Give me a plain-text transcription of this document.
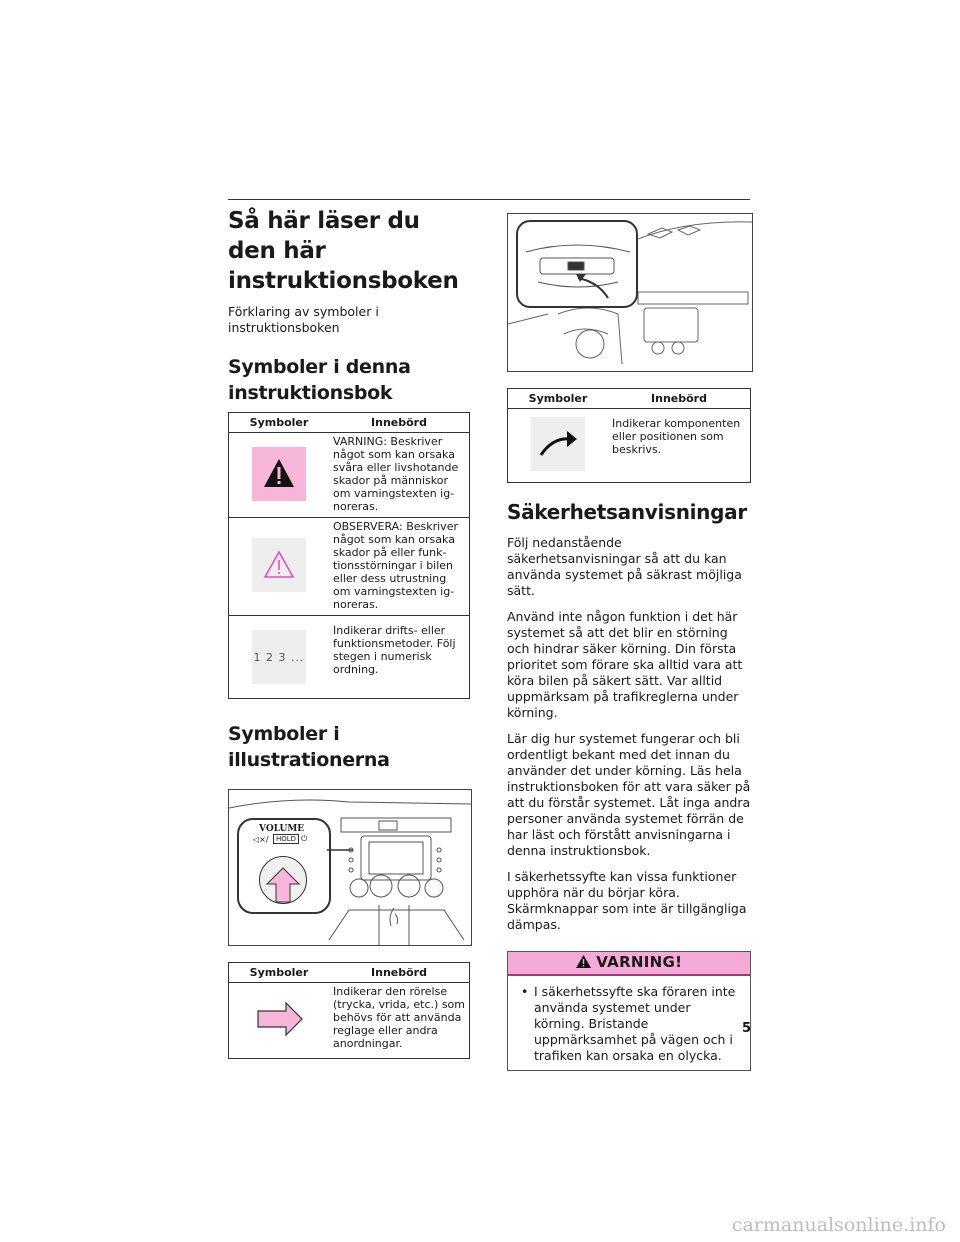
Så här läser du den här instruktionsboken
Förklaring av symboler i instruktionsboken
Symboler i denna instruktionsbok
Symboler	Innebörd

	VARNING: Beskriver något som kan orsaka svåra eller livshotande skador på människor om varningstexten ig-noreras.

	OBSERVERA: Beskriver något som kan orsaka skador på eller funk-tionsstörningar i bilen eller dess utrustning om varningstexten ig-noreras.

1 2 3 ...	Indikerar drifts- eller funktionsmetoder. Följ stegen i numerisk ordning.
Symboler i illustrationerna
VOLUME
◁×/	HOLD ⏻
Symboler	Innebörd
	Indikerar den rörelse (trycka, vrida, etc.) som behövs för att använda reglage eller andra anordningar.
Symboler	Innebörd

	Indikerar komponenten eller positionen som beskrivs.
Säkerhetsanvisningar

Följ nedanstående säkerhetsanvisningar så att du kan använda systemet på säkrast möjliga sätt.

Använd inte någon funktion i det här systemet så att det blir en störning och hindrar säker körning. Din första prioritet som förare ska alltid vara att köra bilen på säkert sätt. Var alltid uppmärksam på trafikreglerna under körning.

Lär dig hur systemet fungerar och bli ordentligt bekant med det innan du använder det under körning. Läs hela instruktionsboken för att vara säker på att du förstår systemet. Låt inga andra personer använda systemet förrän de har läst och förstått anvisningarna i denna instruktionsbok.

I säkerhetssyfte kan vissa funktioner upphöra när du börjar köra. Skärmknappar som inte är tillgängliga dämpas.

VARNING!
• I säkerhetssyfte ska föraren inte använda systemet under körning. Bristande uppmärksamhet på vägen och i trafiken kan orsaka en olycka.
5
carmanualsonline.info
